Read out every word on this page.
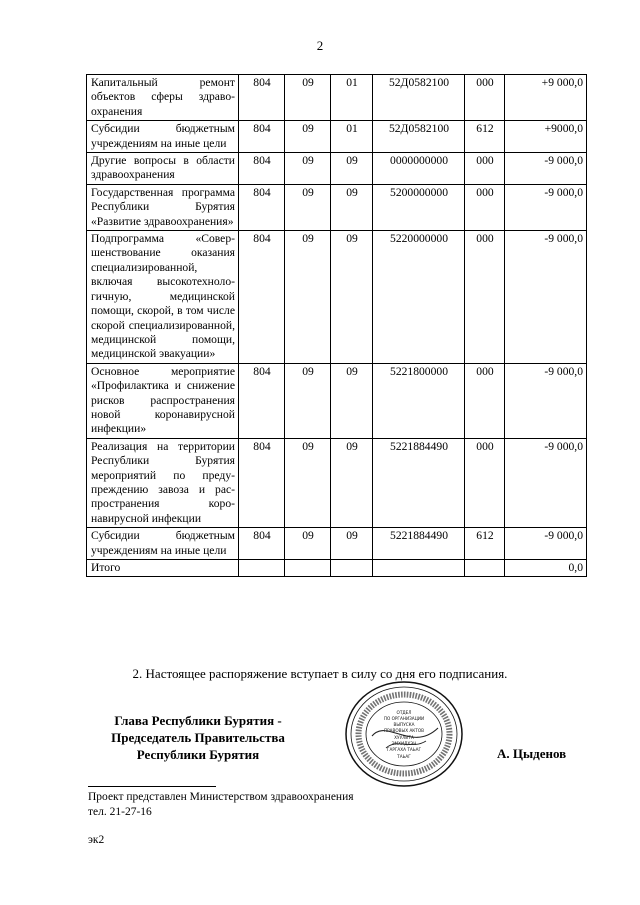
2
Капитальный ремонт объектов сферы здравоохранения	804	09	01	52Д0582100	000	+9 000,0
Субсидии бюджетным учреждениям на иные цели	804	09	01	52Д0582100	612	+9000,0
Другие вопросы в области здравоохранения	804	09	09	0000000000	000	-9 000,0
Государственная программа Республики Бурятия «Развитие здравоохранения»	804	09	09	5200000000	000	-9 000,0
Подпрограмма «Совершенствование оказания специализированной, включая высокотехнологичную, медицинской помощи, скорой, в том числе скорой специализированной, медицинской помощи, медицинской эвакуации»	804	09	09	5220000000	000	-9 000,0
Основное мероприятие «Профилактика и снижение рисков распространения новой коронавирусной инфекции»	804	09	09	5221800000	000	-9 000,0
Реализация на территории Республики Бурятия мероприятий по предупреждению завоза и распространения коронавирусной инфекции	804	09	09	5221884490	000	-9 000,0
Субсидии бюджетным учреждениям на иные цели	804	09	09	5221884490	612	-9 000,0
Итого						0,0
2. Настоящее распоряжение вступает в силу со дня его подписания.
Глава Республики Бурятия -
Председатель Правительства
Республики Бурятия
ОТДЕЛ
ПО ОРГАНИЗАЦИИ
ВЫПУСКА
ПРАВОВЫХ АКТОВ
ХУУЛИТА
ЭМХИДХЭН
ГАРГАХА ТАЬАГ
ТАЬАГ	А. Цыденов
Проект представлен Министерством здравоохранения
тел. 21-27-16
эк2
